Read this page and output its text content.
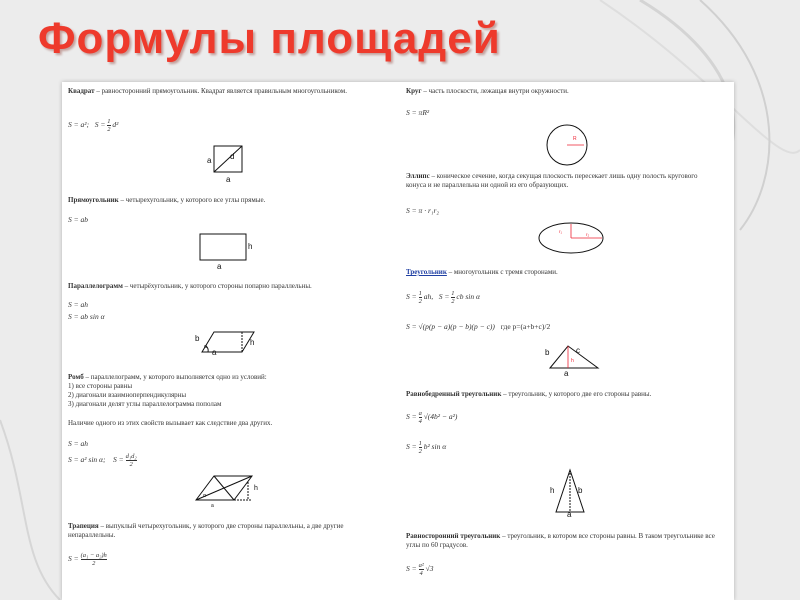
Формулы площадей
Квадрат – равносторонний прямоугольник. Квадрат является правильным многоугольником.
S = a²;   $S = \frac{1}{2} d^2$
a d
a
Прямоугольник – четырехугольник, у которого все углы прямые.
S = ab
h
a
Параллелограмм – четырёхугольник, у которого стороны попарно параллельны.
S = ah
S = ab sin α
b	h
a
α
Ромб – параллелограмм, у которого выполняется одно из условий:
1) все стороны равны
2) диагонали взаимноперпендикулярны
3) диагонали делят углы параллелограмма пополам
Наличие одного из этих свойств вызывает как следствие два других.
S = ah
S = a² sin α;    $S = \frac{\text{d₁d₂}}{2}$
h
a
α
Трапеция – выпуклый четырехугольник, у которого две стороны параллельны, а две другие непараллельны.
$S = \frac{\text{(a₁ − a₂)h}}{2}$
Круг – часть плоскости, лежащая внутри окружности.
S = πR²
R
Эллипс – коническое сечение, когда секущая плоскость пересекает лишь одну полость кругового конуса и не параллельна ни одной из его образующих.
S = π · r₁r₂
r₁
r₂
Треугольник – многоугольник с тремя сторонами.
$S = \frac{1}{2}$ ah,   $S = \frac{1}{2}$ cb sin α
S = √(p(p − a)(p − b)(p − c)) где p=(a+b+c)/2
b	c
h
a
Равнобедренный треугольник – треугольник, у которого две его стороны равны.
$S = \frac{a}{4} √(4b^2 - a^2)$
$S = \frac{1}{2} b^2$ sin α
h	b
a
Равносторонний треугольник – треугольник, в котором все стороны равны. В таком треугольнике все углы по 60 градусов.
$S = \frac{\text{a²}}{4} √3$
